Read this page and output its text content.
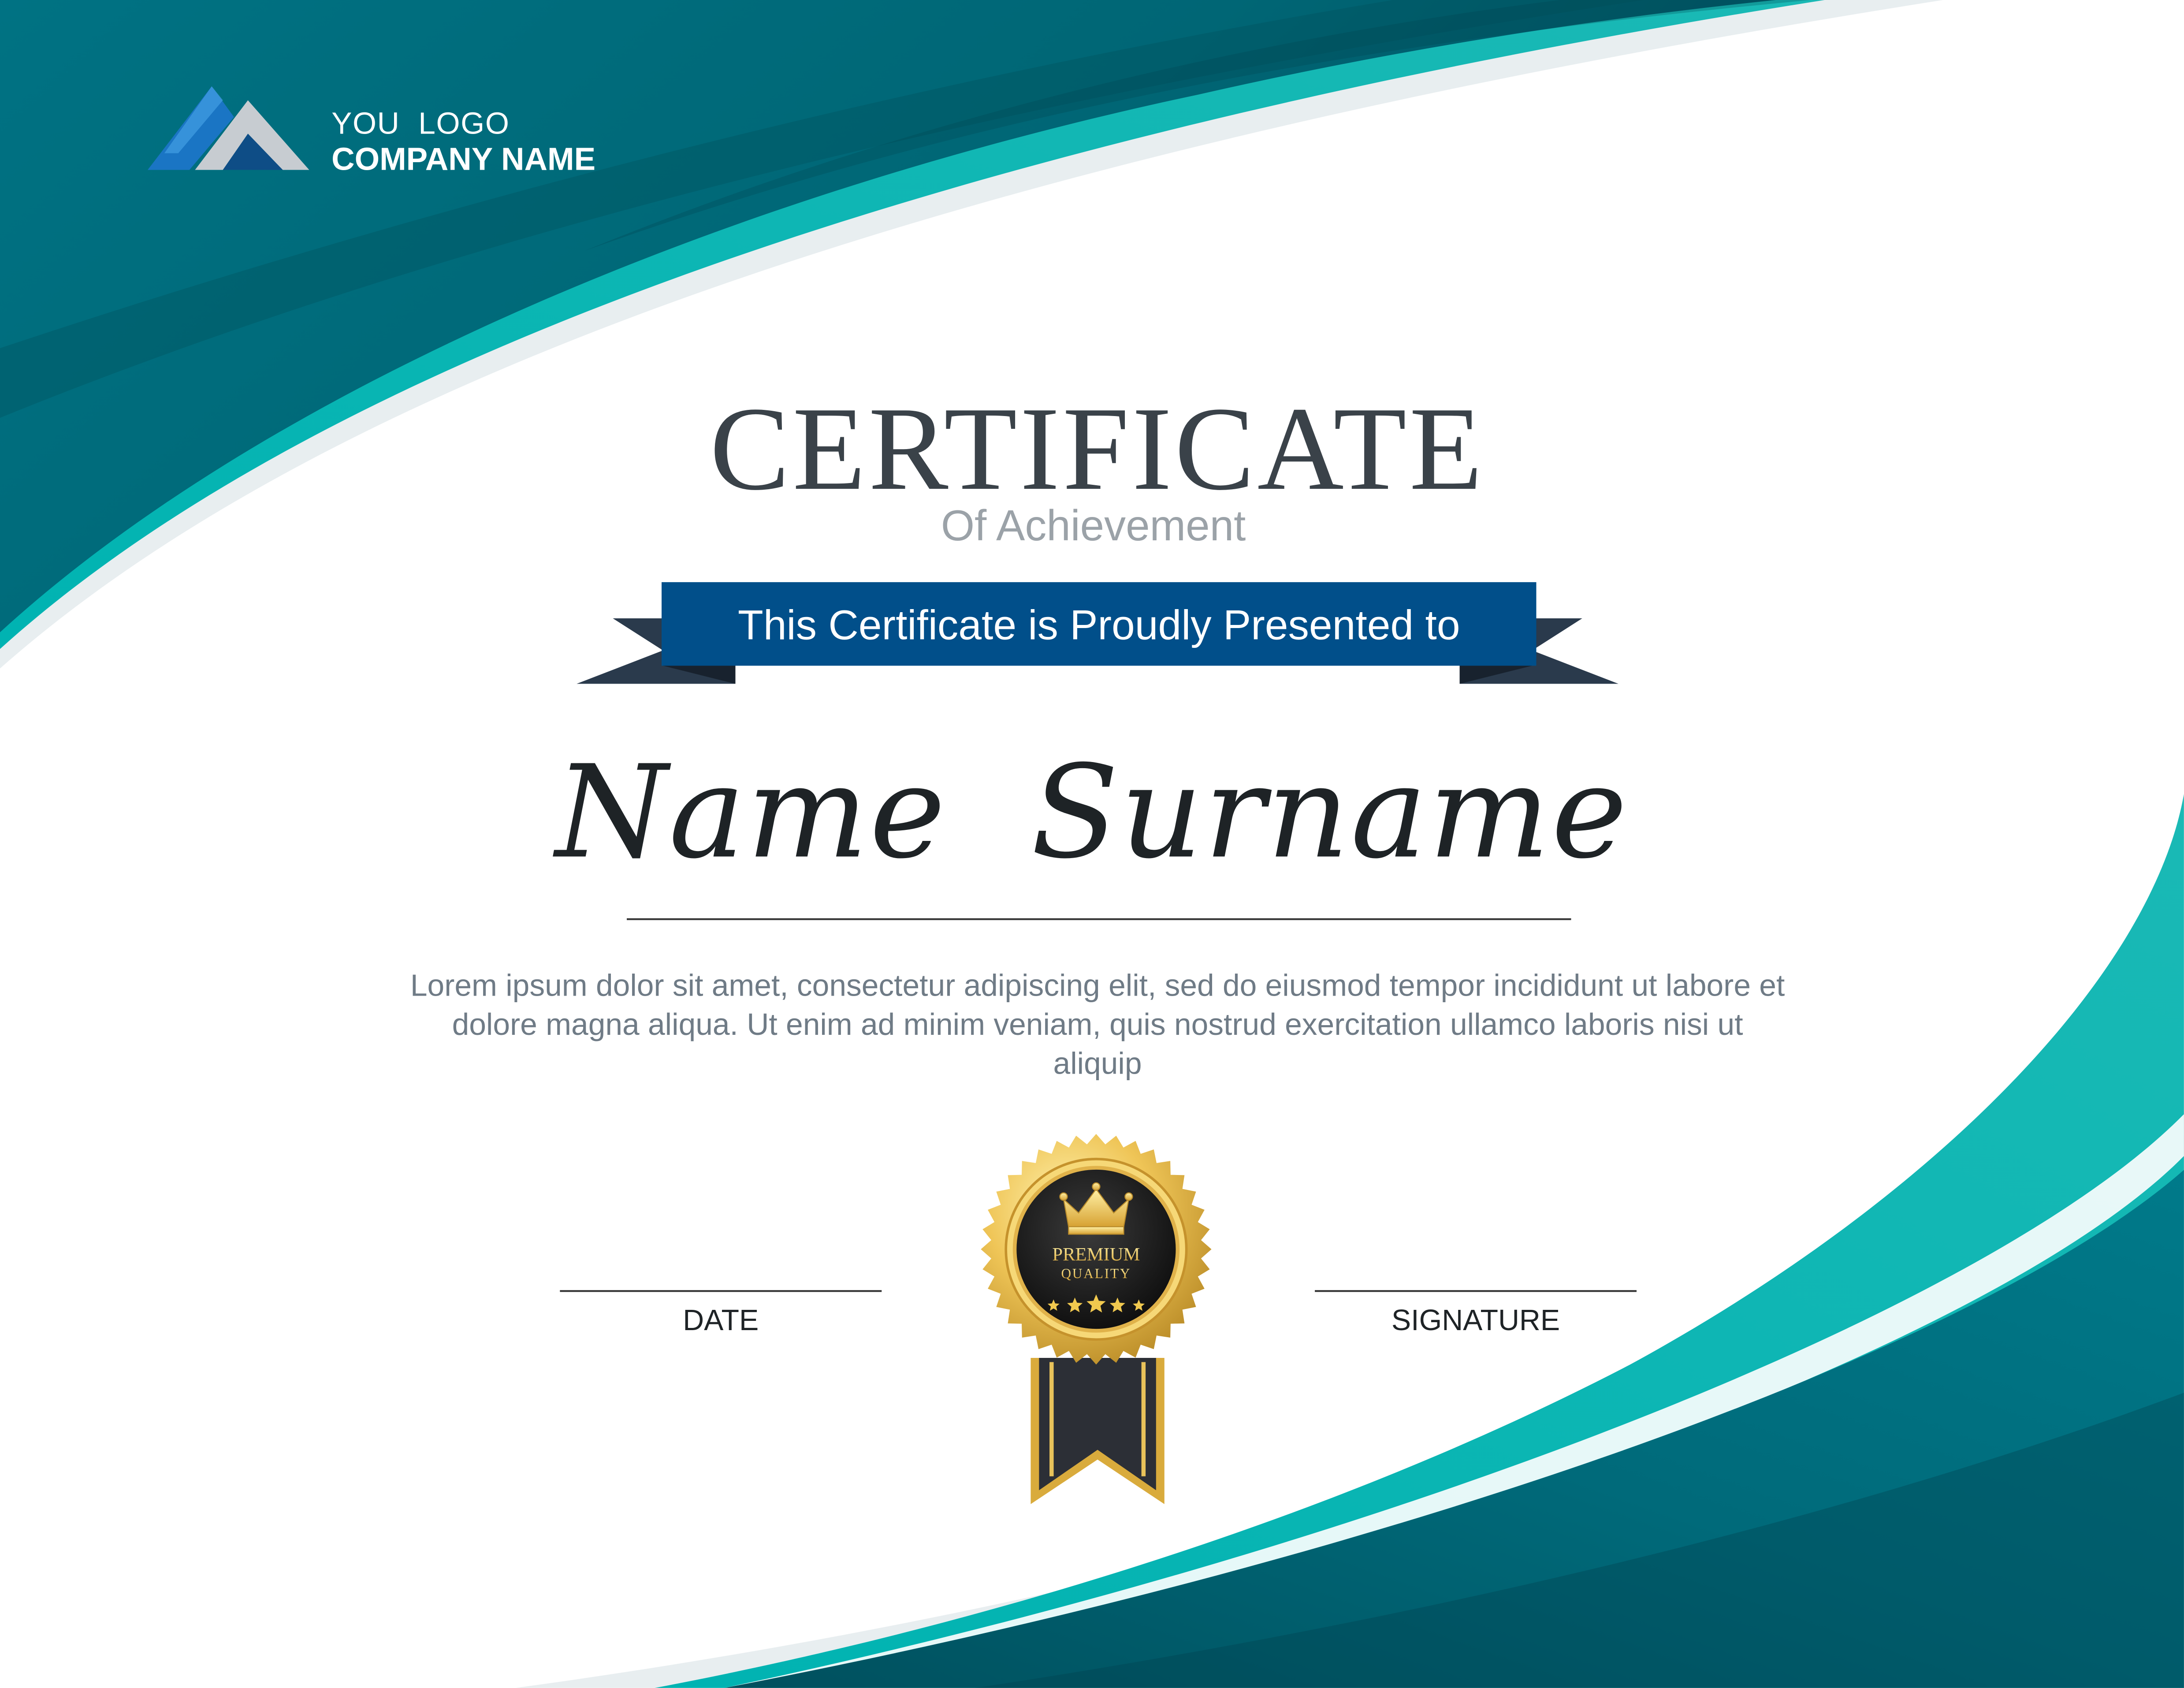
PREMIUM
QUALITY
YOU  LOGO
COMPANY NAME
CERTIFICATE
Of Achievement
This Certificate is Proudly Presented to
Name  Surname
Lorem ipsum dolor sit amet, consectetur adipiscing elit, sed do eiusmod tempor incididunt ut labore et dolore magna aliqua. Ut enim ad minim veniam, quis nostrud exercitation ullamco laboris nisi ut aliquip
DATE	SIGNATURE
